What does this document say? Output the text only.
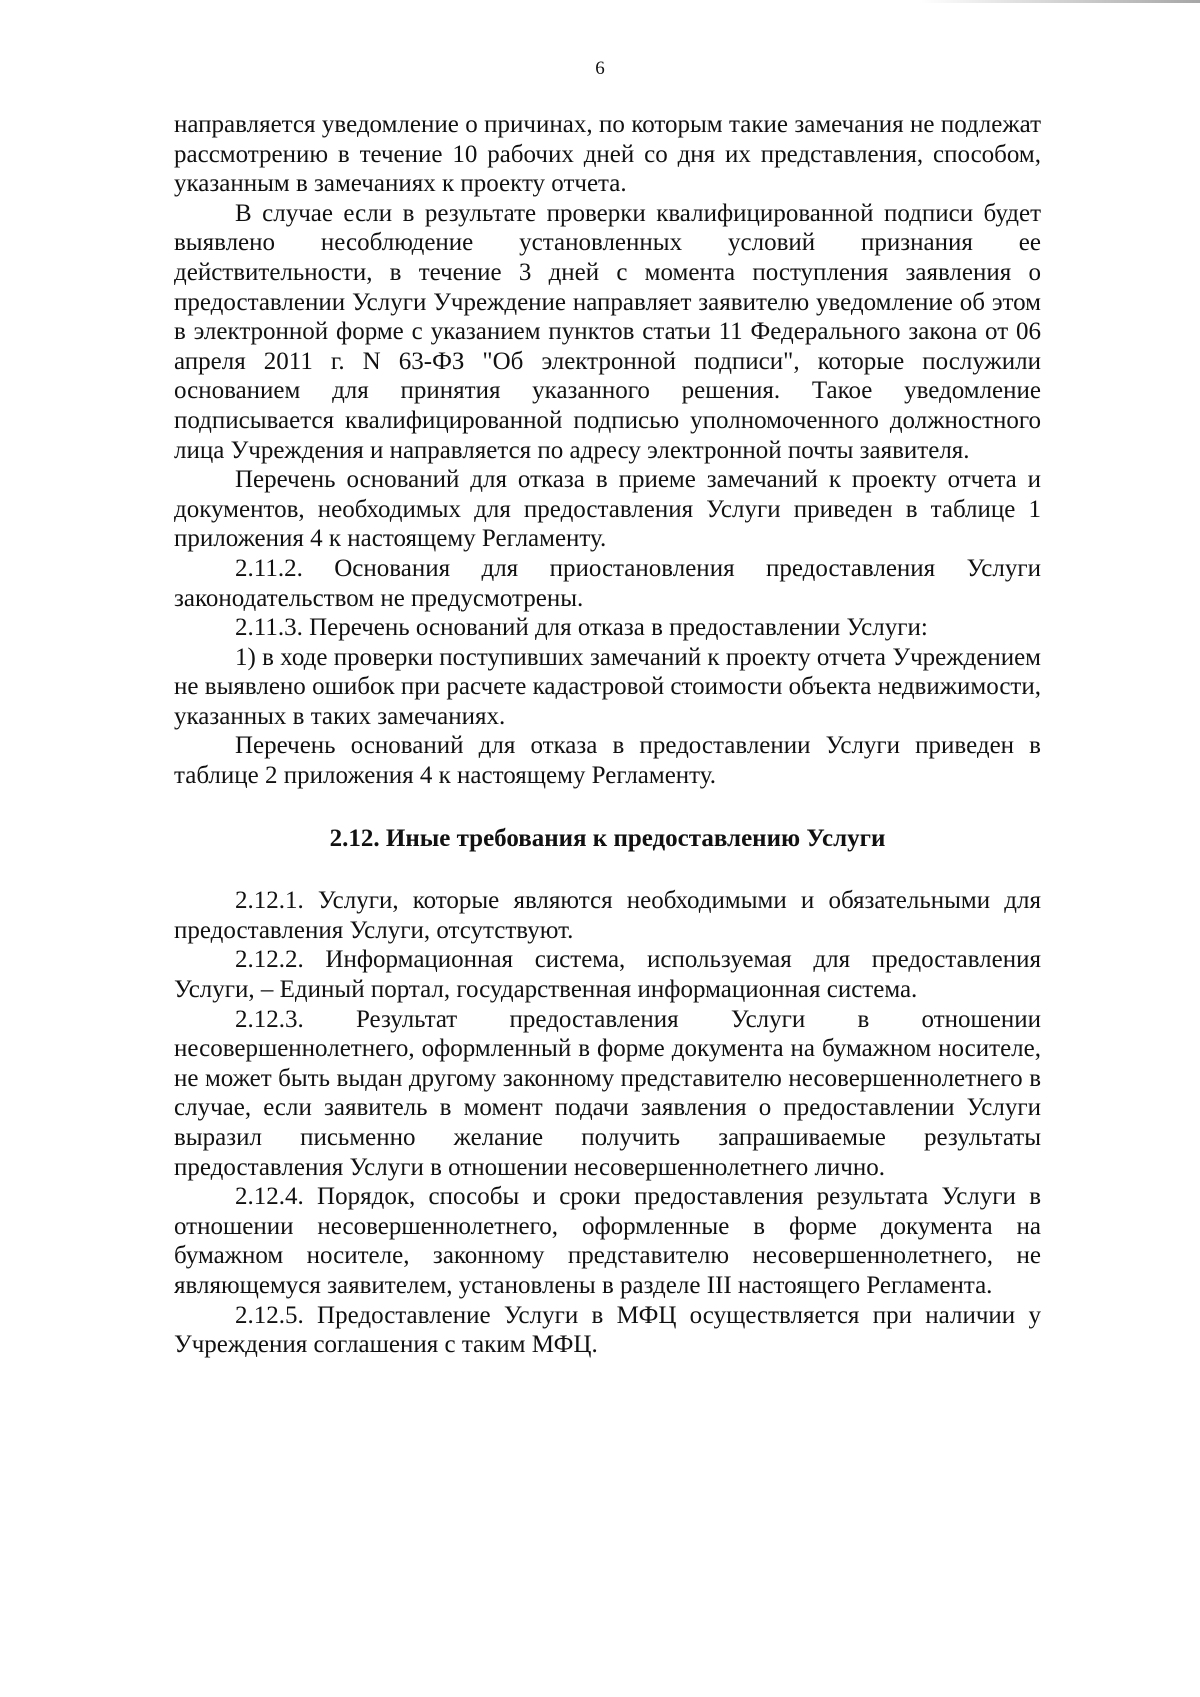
6

направляется уведомление о причинах, по которым такие замечания не подлежат рассмотрению в течение 10 рабочих дней со дня их представления, способом, указанным в замечаниях к проекту отчета.

В случае если в результате проверки квалифицированной подписи будет выявлено несоблюдение установленных условий признания ее действительности, в течение 3 дней с момента поступления заявления о предоставлении Услуги Учреждение направляет заявителю уведомление об этом в электронной форме с указанием пунктов статьи 11 Федерального закона от 06 апреля 2011 г. N 63-ФЗ "Об электронной подписи", которые послужили основанием для принятия указанного решения. Такое уведомление подписывается квалифицированной подписью уполномоченного должностного лица Учреждения и направляется по адресу электронной почты заявителя.

Перечень оснований для отказа в приеме замечаний к проекту отчета и документов, необходимых для предоставления Услуги приведен в таблице 1 приложения 4 к настоящему Регламенту.

2.11.2. Основания для приостановления предоставления Услуги законодательством не предусмотрены.

2.11.3. Перечень оснований для отказа в предоставлении Услуги:

1) в ходе проверки поступивших замечаний к проекту отчета Учреждением не выявлено ошибок при расчете кадастровой стоимости объекта недвижимости, указанных в таких замечаниях.

Перечень оснований для отказа в предоставлении Услуги приведен в таблице 2 приложения 4 к настоящему Регламенту.

2.12. Иные требования к предоставлению Услуги

2.12.1. Услуги, которые являются необходимыми и обязательными для предоставления Услуги, отсутствуют.

2.12.2. Информационная система, используемая для предоставления Услуги, – Единый портал, государственная информационная система.

2.12.3. Результат предоставления Услуги в отношении несовершеннолетнего, оформленный в форме документа на бумажном носителе, не может быть выдан другому законному представителю несовершеннолетнего в случае, если заявитель в момент подачи заявления о предоставлении Услуги выразил письменно желание получить запрашиваемые результаты предоставления Услуги в отношении несовершеннолетнего лично.

2.12.4. Порядок, способы и сроки предоставления результата Услуги в отношении несовершеннолетнего, оформленные в форме документа на бумажном носителе, законному представителю несовершеннолетнего, не являющемуся заявителем, установлены в разделе III настоящего Регламента.

2.12.5. Предоставление Услуги в МФЦ осуществляется при наличии у Учреждения соглашения с таким МФЦ.
